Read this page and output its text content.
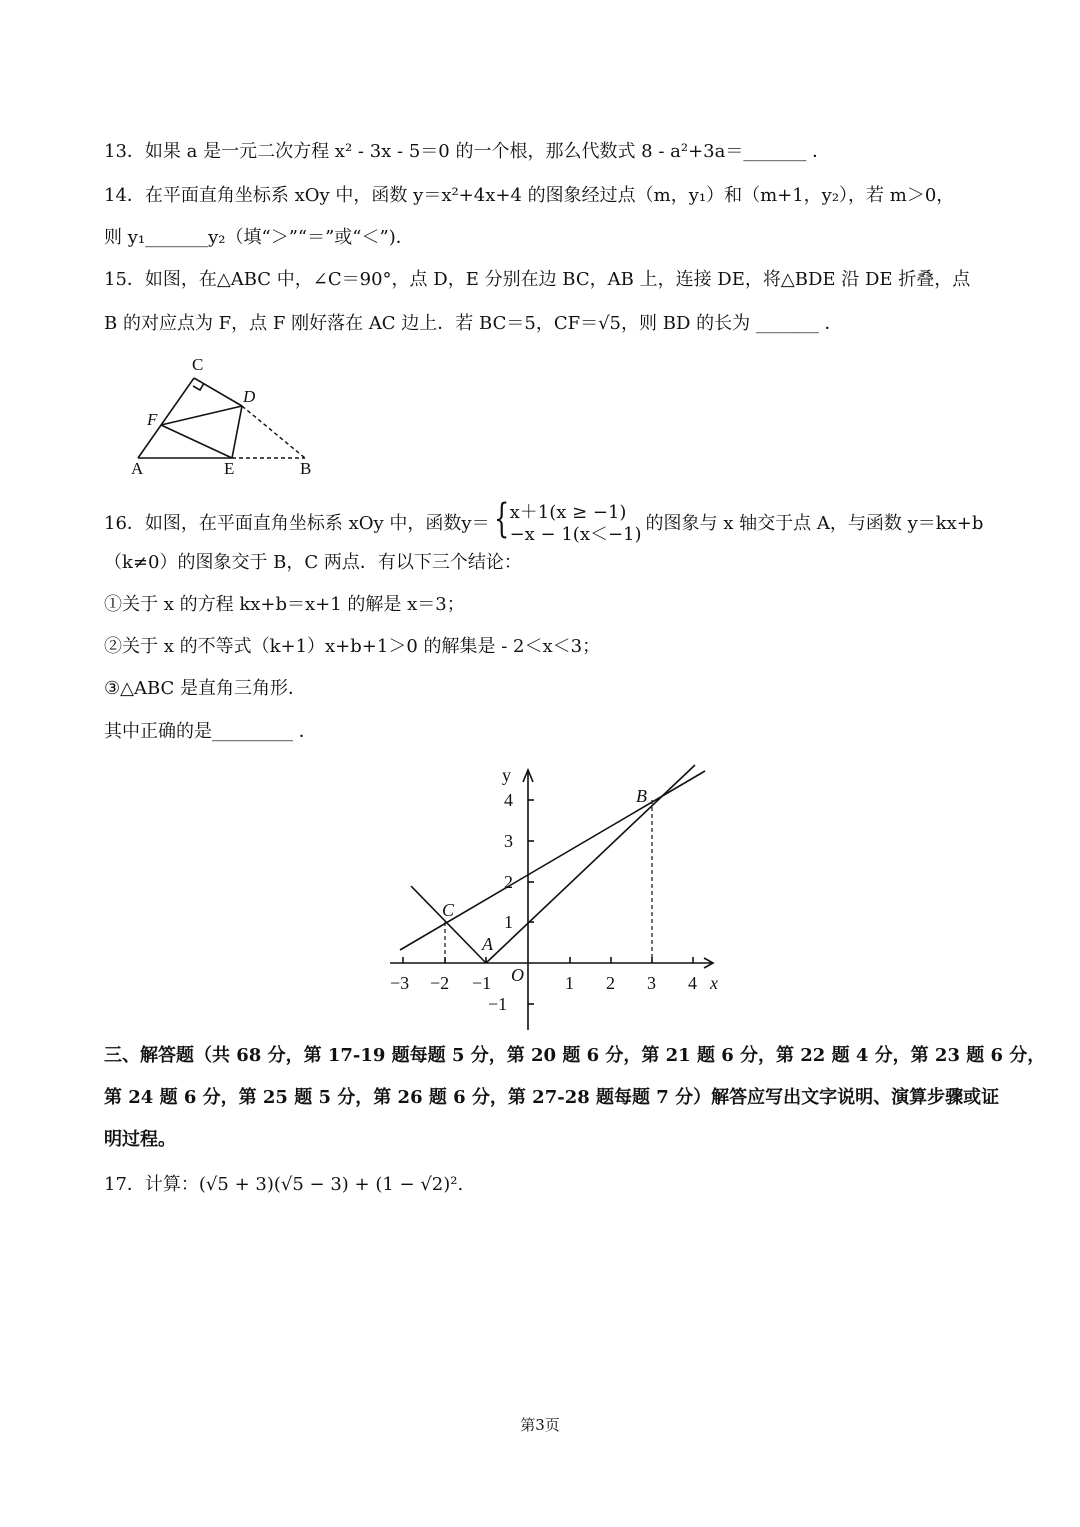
13．如果 a 是一元二次方程 x² - 3x - 5＝0 的一个根，那么代数式 8 - a²+3a＝_______ ．
14．在平面直角坐标系 xOy 中，函数 y＝x²+4x+4 的图象经过点（m，y₁）和（m+1，y₂），若 m＞0，
则 y₁_______y₂（填“＞”“＝”或“＜”)．
15．如图，在△ABC 中，∠C＝90°，点 D，E 分别在边 BC，AB 上，连接 DE，将△BDE 沿 DE 折叠，点
B 的对应点为 F，点 F 刚好落在 AC 边上．若 BC＝5，CF＝√5，则 BD 的长为 _______ ．
C
D
F
A	E	B
16．如图，在平面直角坐标系 xOy 中，函数y＝ { x＋1(x ≥ −1)
−x − 1(x＜−1)
的图象与 x 轴交于点 A，与函数 y＝kx+b
（k≠0）的图象交于 B，C 两点．有以下三个结论：
①关于 x 的方程 kx+b＝x+1 的解是 x＝3；
②关于 x 的不等式（k+1）x+b+1＞0 的解集是 - 2＜x＜3；
③△ABC 是直角三角形．
其中正确的是_________ ．
y
x
O
−3 −2 −1	1 2 3 4
4
3
2
1
−1
A
B
C
三、解答题（共 68 分，第 17-19 题每题 5 分，第 20 题 6 分，第 21 题 6 分，第 22 题 4 分，第 23 题 6 分，
第 24 题 6 分，第 25 题 5 分，第 26 题 6 分，第 27-28 题每题 7 分）解答应写出文字说明、演算步骤或证
明过程。
17．计算：(√5 + 3)(√5 − 3) + (1 − √2)².
第3页
